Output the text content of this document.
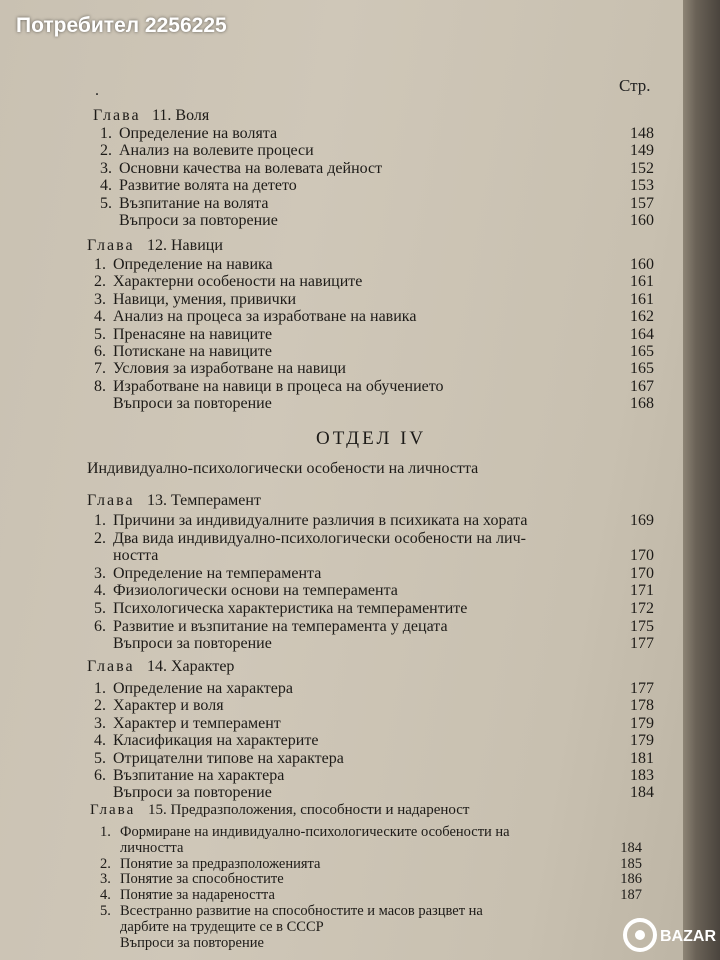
.	Стр.
Глава 11. Воля
1. Определение на волята	148
2. Анализ на волевите процеси	149
3. Основни качества на волевата дейност	152
4. Развитие волята на детето	153
5. Възпитание на волята	157
Въпроси за повторение	160
Глава 12. Навици
1. Определение на навика	160
2. Характерни особености на навиците	161
3. Навици, умения, привички	161
4. Анализ на процеса за изработване на навика	162
5. Пренасяне на навиците	164
6. Потискане на навиците	165
7. Условия за изработване на навици	165
8. Изработване на навици в процеса на обучението	167
Въпроси за повторение	168
ОТДЕЛ IV
Индивидуално-психологически особености на личността
Глава 13. Темперамент
1. Причини за индивидуалните различия в психиката на хората	169
2. Два вида индивидуално-психологически особености на лич-
ността	170
3. Определение на темперамента	170
4. Физиологически основи на темперамента	171
5. Психологическа характеристика на темпераментите	172
6. Развитие и възпитание на темперамента у децата	175
Въпроси за повторение	177
Глава 14. Характер
1. Определение на характера	177
2. Характер и воля	178
3. Характер и темперамент	179
4. Класификация на характерите	179
5. Отрицателни типове на характера	181
6. Възпитание на характера	183
Въпроси за повторение	184
Глава 15. Предразположения, способности и надареност
1. Формиране на индивидуално-психологическите особености на
личността	184
2. Понятие за предразположенията	185
3. Понятие за способностите	186
4. Понятие за надареността	187
5. Всестранно развитие на способностите и масов разцвет на
дарбите на трудещите се в СССР
Въпроси за повторение
Потребител 2256225
BAZAR
